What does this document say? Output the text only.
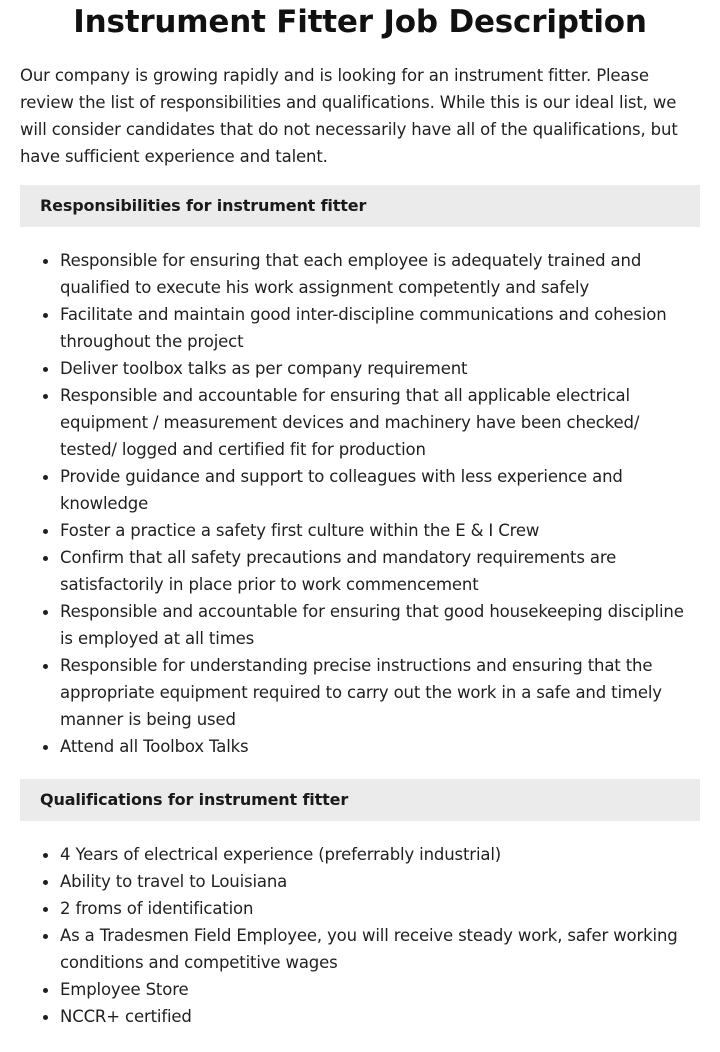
Instrument Fitter Job Description

Our company is growing rapidly and is looking for an instrument fitter. Please review the list of responsibilities and qualifications. While this is our ideal list, we will consider candidates that do not necessarily have all of the qualifications, but have sufficient experience and talent.

Responsibilities for instrument fitter
Responsible for ensuring that each employee is adequately trained and qualified to execute his work assignment competently and safely
Facilitate and maintain good inter-discipline communications and cohesion throughout the project
Deliver toolbox talks as per company requirement
Responsible and accountable for ensuring that all applicable electrical equipment / measurement devices and machinery have been checked/ tested/ logged and certified fit for production
Provide guidance and support to colleagues with less experience and knowledge
Foster a practice a safety first culture within the E & I Crew
Confirm that all safety precautions and mandatory requirements are satisfactorily in place prior to work commencement
Responsible and accountable for ensuring that good housekeeping discipline is employed at all times
Responsible for understanding precise instructions and ensuring that the appropriate equipment required to carry out the work in a safe and timely manner is being used
Attend all Toolbox Talks
Qualifications for instrument fitter
4 Years of electrical experience (preferrably industrial)
Ability to travel to Louisiana
2 froms of identification
As a Tradesmen Field Employee, you will receive steady work, safer working conditions and competitive wages
Employee Store
NCCR+ certified
